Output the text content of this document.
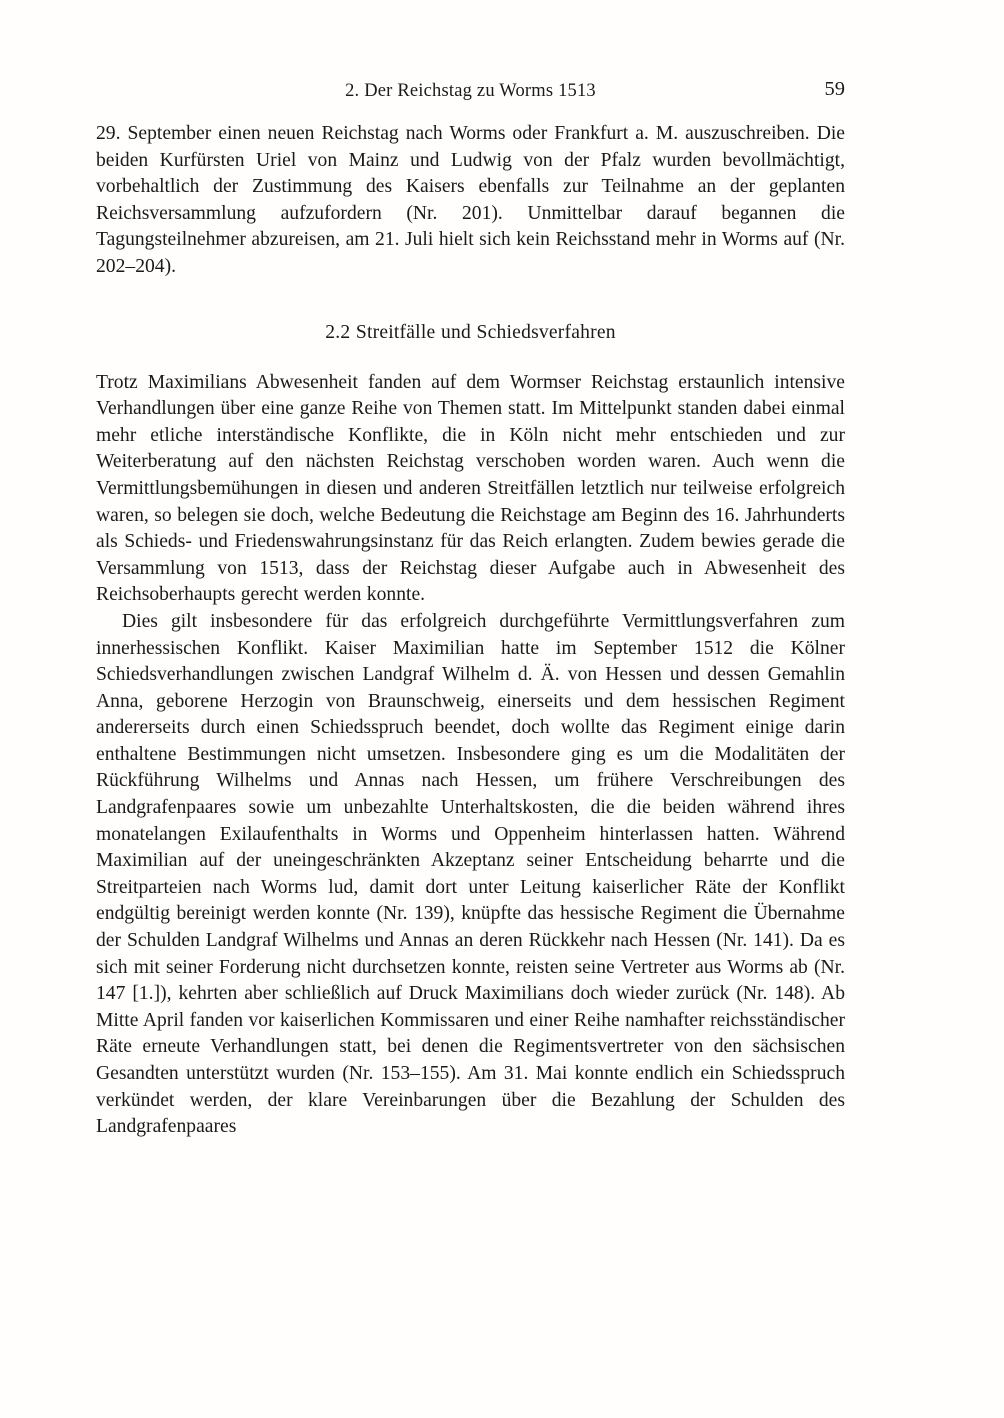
2. Der Reichstag zu Worms 1513	59

29. September einen neuen Reichstag nach Worms oder Frankfurt a. M. auszuschreiben. Die beiden Kurfürsten Uriel von Mainz und Ludwig von der Pfalz wurden bevollmächtigt, vorbehaltlich der Zustimmung des Kaisers ebenfalls zur Teilnahme an der geplanten Reichsversammlung aufzufordern (Nr. 201). Unmittelbar darauf begannen die Tagungsteilnehmer abzureisen, am 21. Juli hielt sich kein Reichsstand mehr in Worms auf (Nr. 202–204).

2.2 Streitfälle und Schiedsverfahren

Trotz Maximilians Abwesenheit fanden auf dem Wormser Reichstag erstaunlich intensive Verhandlungen über eine ganze Reihe von Themen statt. Im Mittelpunkt standen dabei einmal mehr etliche interständische Konflikte, die in Köln nicht mehr entschieden und zur Weiterberatung auf den nächsten Reichstag verschoben worden waren. Auch wenn die Vermittlungsbemühungen in diesen und anderen Streitfällen letztlich nur teilweise erfolgreich waren, so belegen sie doch, welche Bedeutung die Reichstage am Beginn des 16. Jahrhunderts als Schieds- und Friedenswahrungsinstanz für das Reich erlangten. Zudem bewies gerade die Versammlung von 1513, dass der Reichstag dieser Aufgabe auch in Abwesenheit des Reichsoberhaupts gerecht werden konnte.

Dies gilt insbesondere für das erfolgreich durchgeführte Vermittlungsverfahren zum innerhessischen Konflikt. Kaiser Maximilian hatte im September 1512 die Kölner Schiedsverhandlungen zwischen Landgraf Wilhelm d. Ä. von Hessen und dessen Gemahlin Anna, geborene Herzogin von Braunschweig, einerseits und dem hessischen Regiment andererseits durch einen Schiedsspruch beendet, doch wollte das Regiment einige darin enthaltene Bestimmungen nicht umsetzen. Insbesondere ging es um die Modalitäten der Rückführung Wilhelms und Annas nach Hessen, um frühere Verschreibungen des Landgrafenpaares sowie um unbezahlte Unterhaltskosten, die die beiden während ihres monatelangen Exilaufenthalts in Worms und Oppenheim hinterlassen hatten. Während Maximilian auf der uneingeschränkten Akzeptanz seiner Entscheidung beharrte und die Streitparteien nach Worms lud, damit dort unter Leitung kaiserlicher Räte der Konflikt endgültig bereinigt werden konnte (Nr. 139), knüpfte das hessische Regiment die Übernahme der Schulden Landgraf Wilhelms und Annas an deren Rückkehr nach Hessen (Nr. 141). Da es sich mit seiner Forderung nicht durchsetzen konnte, reisten seine Vertreter aus Worms ab (Nr. 147 [1.]), kehrten aber schließlich auf Druck Maximilians doch wieder zurück (Nr. 148). Ab Mitte April fanden vor kaiserlichen Kommissaren und einer Reihe namhafter reichsständischer Räte erneute Verhandlungen statt, bei denen die Regimentsvertreter von den sächsischen Gesandten unterstützt wurden (Nr. 153–155). Am 31. Mai konnte endlich ein Schiedsspruch verkündet werden, der klare Vereinbarungen über die Bezahlung der Schulden des Landgrafenpaares
